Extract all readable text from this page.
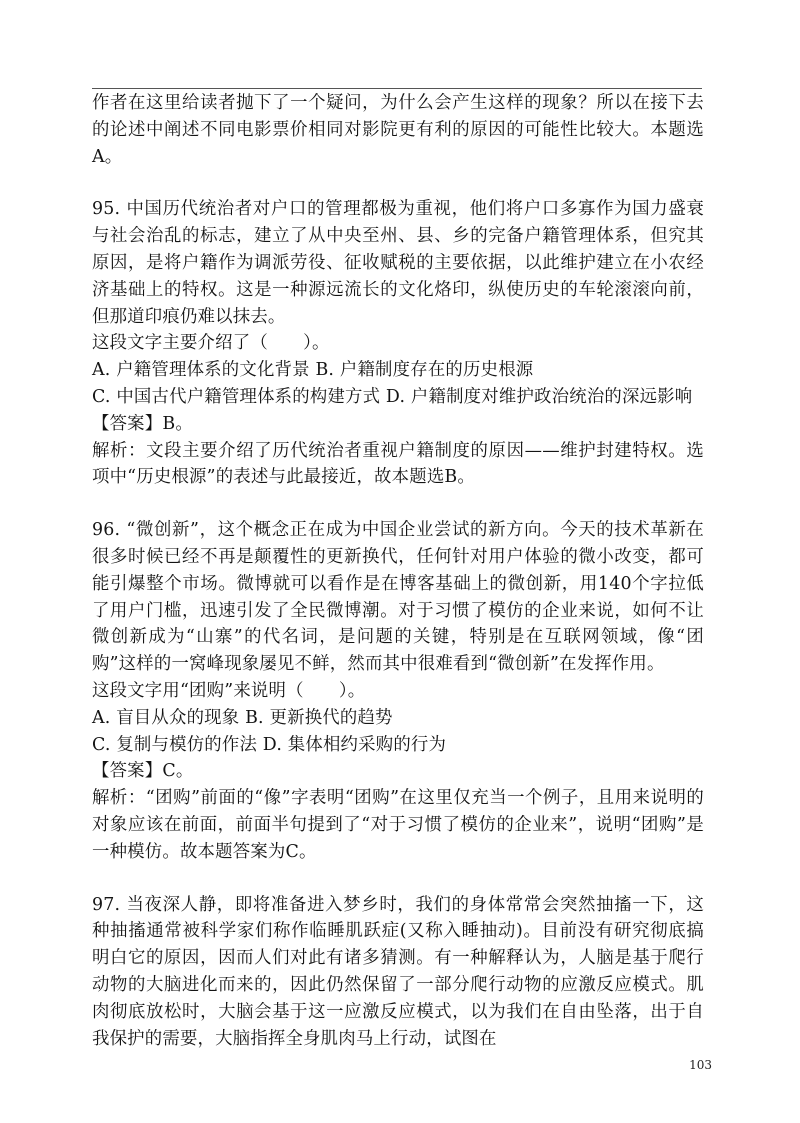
作者在这里给读者抛下了一个疑问，为什么会产生这样的现象？所以在接下去的论述中阐述不同电影票价相同对影院更有利的原因的可能性比较大。本题选A。

95. 中国历代统治者对户口的管理都极为重视，他们将户口多寡作为国力盛衰与社会治乱的标志，建立了从中央至州、县、乡的完备户籍管理体系，但究其原因，是将户籍作为调派劳役、征收赋税的主要依据，以此维护建立在小农经济基础上的特权。这是一种源远流长的文化烙印，纵使历史的车轮滚滚向前，但那道印痕仍难以抹去。

这段文字主要介绍了（　　）。

A. 户籍管理体系的文化背景 B. 户籍制度存在的历史根源

C. 中国古代户籍管理体系的构建方式 D. 户籍制度对维护政治统治的深远影响

【答案】B。

解析：文段主要介绍了历代统治者重视户籍制度的原因——维护封建特权。选项中“历史根源”的表述与此最接近，故本题选B。

96. “微创新”，这个概念正在成为中国企业尝试的新方向。今天的技术革新在很多时候已经不再是颠覆性的更新换代，任何针对用户体验的微小改变，都可能引爆整个市场。微博就可以看作是在博客基础上的微创新，用140个字拉低了用户门槛，迅速引发了全民微博潮。对于习惯了模仿的企业来说，如何不让微创新成为“山寨”的代名词，是问题的关键，特别是在互联网领域，像“团购”这样的一窝峰现象屡见不鲜，然而其中很难看到“微创新”在发挥作用。

这段文字用“团购”来说明（　　）。

A. 盲目从众的现象 B. 更新换代的趋势

C. 复制与模仿的作法 D. 集体相约采购的行为

【答案】C。

解析：“团购”前面的“像”字表明“团购”在这里仅充当一个例子，且用来说明的对象应该在前面，前面半句提到了“对于习惯了模仿的企业来”，说明“团购”是一种模仿。故本题答案为C。

97. 当夜深人静，即将准备进入梦乡时，我们的身体常常会突然抽搐一下，这种抽搐通常被科学家们称作临睡肌跃症(又称入睡抽动)。目前没有研究彻底搞明白它的原因，因而人们对此有诸多猜测。有一种解释认为，人脑是基于爬行动物的大脑进化而来的，因此仍然保留了一部分爬行动物的应激反应模式。肌肉彻底放松时，大脑会基于这一应激反应模式，以为我们在自由坠落，出于自我保护的需要，大脑指挥全身肌肉马上行动，试图在

103
